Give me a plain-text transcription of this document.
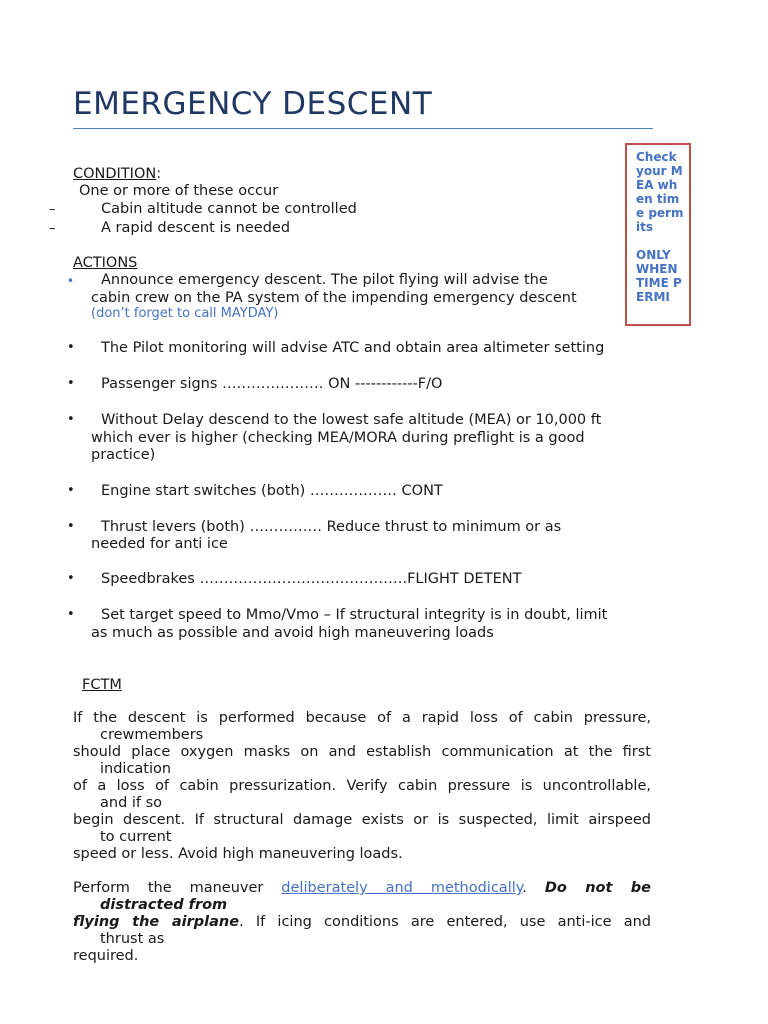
EMERGENCY DESCENT

Check your MEA when time permits

ONLY WHEN TIME PERMI

CONDITION:
One or more of these occur
–	Cabin altitude cannot be controlled
–	A rapid descent is needed
ACTIONS
• Announce emergency descent. The pilot flying will advise the
cabin crew on the PA system of the impending emergency descent
(don’t forget to call MAYDAY)
• The Pilot monitoring will advise ATC and obtain area altimeter setting
• Passenger signs ………………… ON ------------F/O
• Without Delay descend to the lowest safe altitude (MEA) or 10,000 ft
which ever is higher (checking MEA/MORA during preflight is a good
practice)
• Engine start switches (both) ……………… CONT
• Thrust levers (both) …………… Reduce thrust to minimum or as
needed for anti ice
• Speedbrakes …………………………………….FLIGHT DETENT
• Set target speed to Mmo/Vmo – If structural integrity is in doubt, limit
as much as possible and avoid high maneuvering loads
FCTM

If the descent is performed because of a rapid loss of cabin pressure,

crewmembers

should place oxygen masks on and establish communication at the first

indication

of a loss of cabin pressurization. Verify cabin pressure is uncontrollable,

and if so

begin descent. If structural damage exists or is suspected, limit airspeed

to current

speed or less. Avoid high maneuvering loads.

Perform the maneuver deliberately and methodically. Do not be

distracted from

flying the airplane. If icing conditions are entered, use anti-ice and

thrust as

required.
